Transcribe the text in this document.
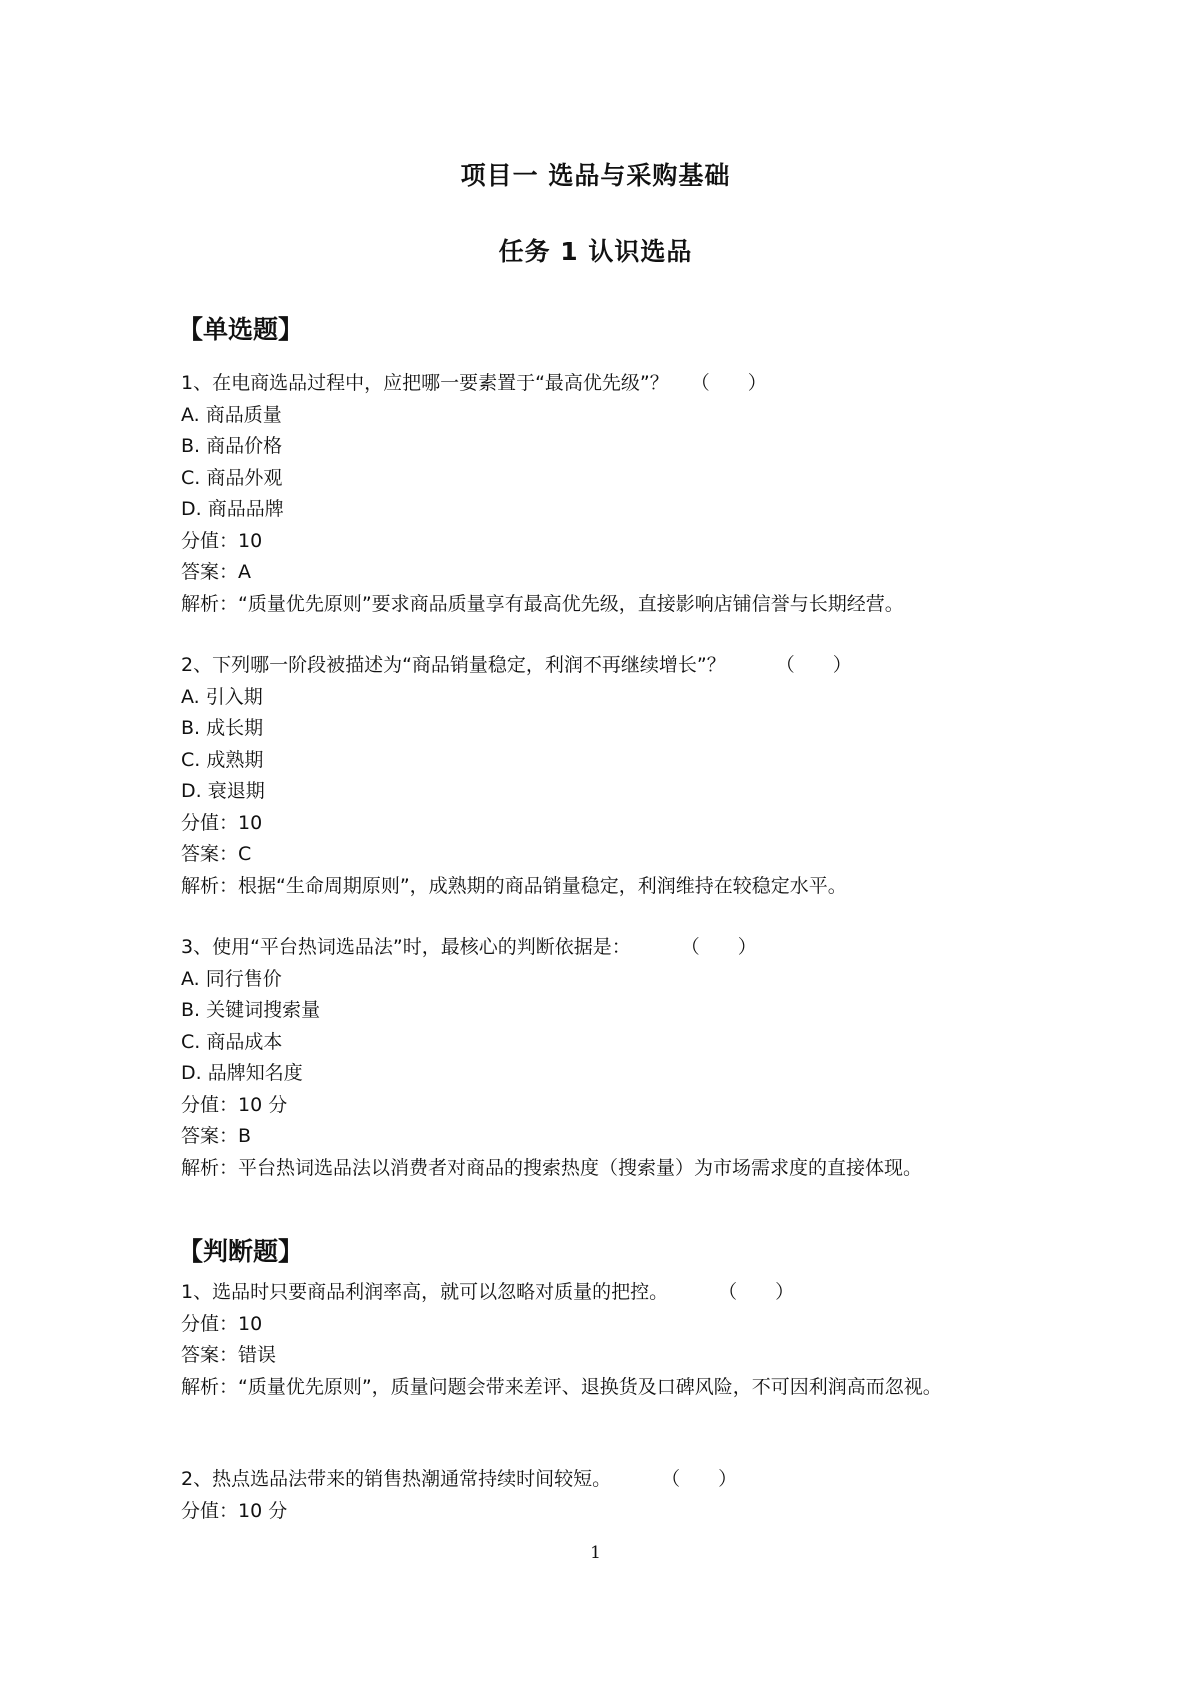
项目一 选品与采购基础
任务 1 认识选品
【单选题】
1、在电商选品过程中，应把哪一要素置于“最高优先级”？ （　　）
A. 商品质量
B. 商品价格
C. 商品外观
D. 商品品牌
分值：10
答案：A
解析：“质量优先原则”要求商品质量享有最高优先级，直接影响店铺信誉与长期经营。
2、下列哪一阶段被描述为“商品销量稳定，利润不再继续增长”？	（　　）
A. 引入期
B. 成长期
C. 成熟期
D. 衰退期
分值：10
答案：C
解析：根据“生命周期原则”，成熟期的商品销量稳定，利润维持在较稳定水平。
3、使用“平台热词选品法”时，最核心的判断依据是：	（　　）
A. 同行售价
B. 关键词搜索量
C. 商品成本
D. 品牌知名度
分值：10 分
答案：B
解析：平台热词选品法以消费者对商品的搜索热度（搜索量）为市场需求度的直接体现。
【判断题】
1、选品时只要商品利润率高，就可以忽略对质量的把控。	（　　）
分值：10
答案：错误
解析：“质量优先原则”，质量问题会带来差评、退换货及口碑风险，不可因利润高而忽视。
2、热点选品法带来的销售热潮通常持续时间较短。	（　　）
分值：10 分
1
